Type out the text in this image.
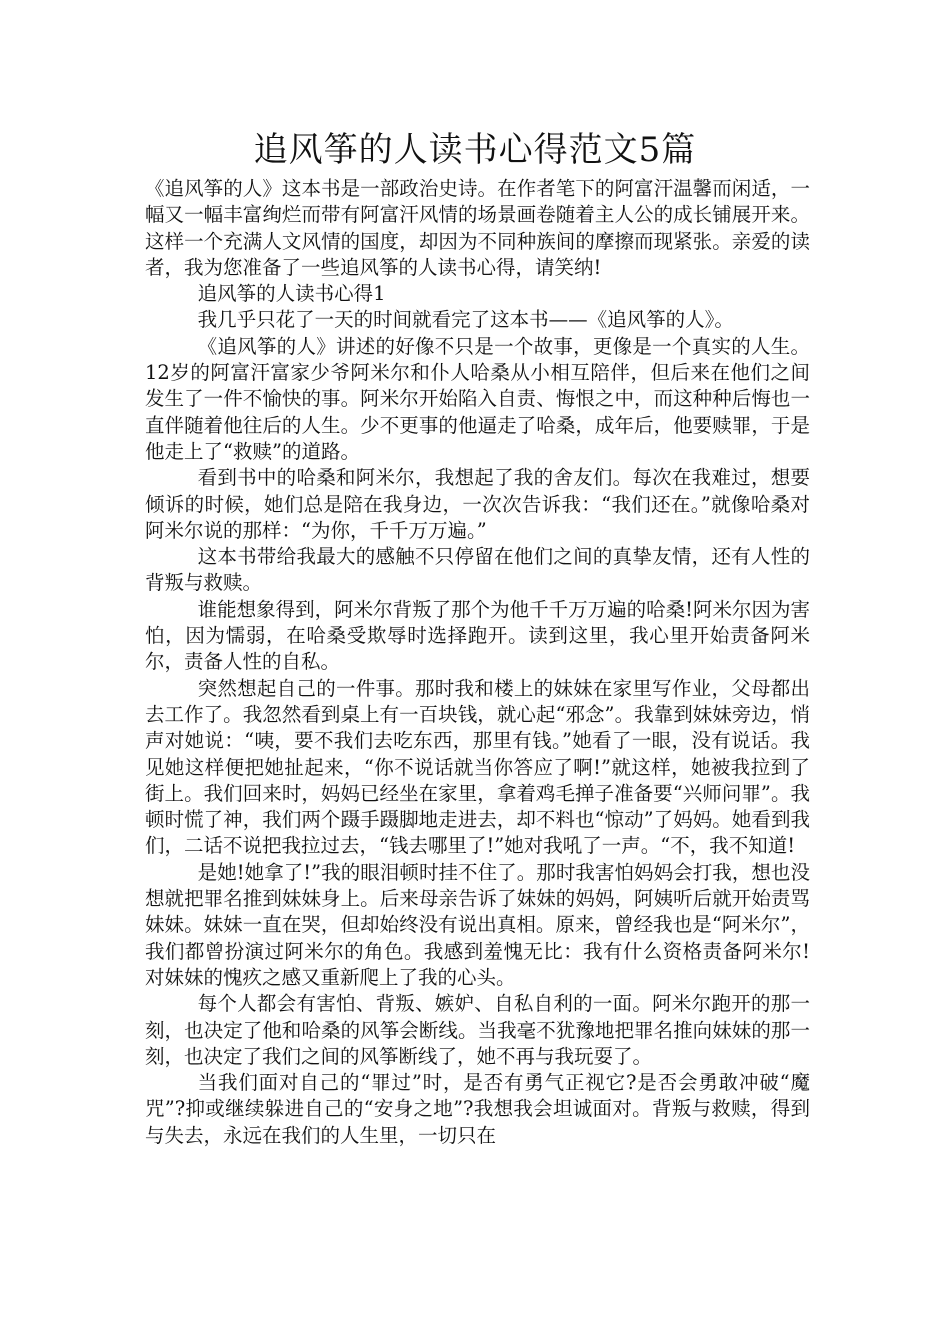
追风筝的人读书心得范文5篇

《追风筝的人》这本书是一部政治史诗。在作者笔下的阿富汗温馨而闲适，一幅又一幅丰富绚烂而带有阿富汗风情的场景画卷随着主人公的成长铺展开来。这样一个充满人文风情的国度，却因为不同种族间的摩擦而现紧张。亲爱的读者，我为您准备了一些追风筝的人读书心得，请笑纳!

追风筝的人读书心得1

我几乎只花了一天的时间就看完了这本书——《追风筝的人》。

《追风筝的人》讲述的好像不只是一个故事，更像是一个真实的人生。12岁的阿富汗富家少爷阿米尔和仆人哈桑从小相互陪伴，但后来在他们之间发生了一件不愉快的事。阿米尔开始陷入自责、悔恨之中，而这种种后悔也一直伴随着他往后的人生。少不更事的他逼走了哈桑，成年后，他要赎罪，于是他走上了“救赎”的道路。

看到书中的哈桑和阿米尔，我想起了我的舍友们。每次在我难过，想要倾诉的时候，她们总是陪在我身边，一次次告诉我：“我们还在。”就像哈桑对阿米尔说的那样：“为你，千千万万遍。”

这本书带给我最大的感触不只停留在他们之间的真挚友情，还有人性的背叛与救赎。

谁能想象得到，阿米尔背叛了那个为他千千万万遍的哈桑!阿米尔因为害怕，因为懦弱，在哈桑受欺辱时选择跑开。读到这里，我心里开始责备阿米尔，责备人性的自私。

突然想起自己的一件事。那时我和楼上的妹妹在家里写作业，父母都出去工作了。我忽然看到桌上有一百块钱，就心起“邪念”。我靠到妹妹旁边，悄声对她说：“咦，要不我们去吃东西，那里有钱。”她看了一眼，没有说话。我见她这样便把她扯起来，“你不说话就当你答应了啊!”就这样，她被我拉到了街上。我们回来时，妈妈已经坐在家里，拿着鸡毛掸子准备要“兴师问罪”。我顿时慌了神，我们两个蹑手蹑脚地走进去，却不料也“惊动”了妈妈。她看到我们，二话不说把我拉过去，“钱去哪里了!”她对我吼了一声。“不，我不知道!

是她!她拿了!”我的眼泪顿时挂不住了。那时我害怕妈妈会打我，想也没想就把罪名推到妹妹身上。后来母亲告诉了妹妹的妈妈，阿姨听后就开始责骂妹妹。妹妹一直在哭，但却始终没有说出真相。原来，曾经我也是“阿米尔”，我们都曾扮演过阿米尔的角色。我感到羞愧无比：我有什么资格责备阿米尔!对妹妹的愧疚之感又重新爬上了我的心头。

每个人都会有害怕、背叛、嫉妒、自私自利的一面。阿米尔跑开的那一刻，也决定了他和哈桑的风筝会断线。当我毫不犹豫地把罪名推向妹妹的那一刻，也决定了我们之间的风筝断线了，她不再与我玩耍了。

当我们面对自己的“罪过”时，是否有勇气正视它?是否会勇敢冲破“魔咒”?抑或继续躲进自己的“安身之地”?我想我会坦诚面对。背叛与救赎，得到与失去，永远在我们的人生里，一切只在
